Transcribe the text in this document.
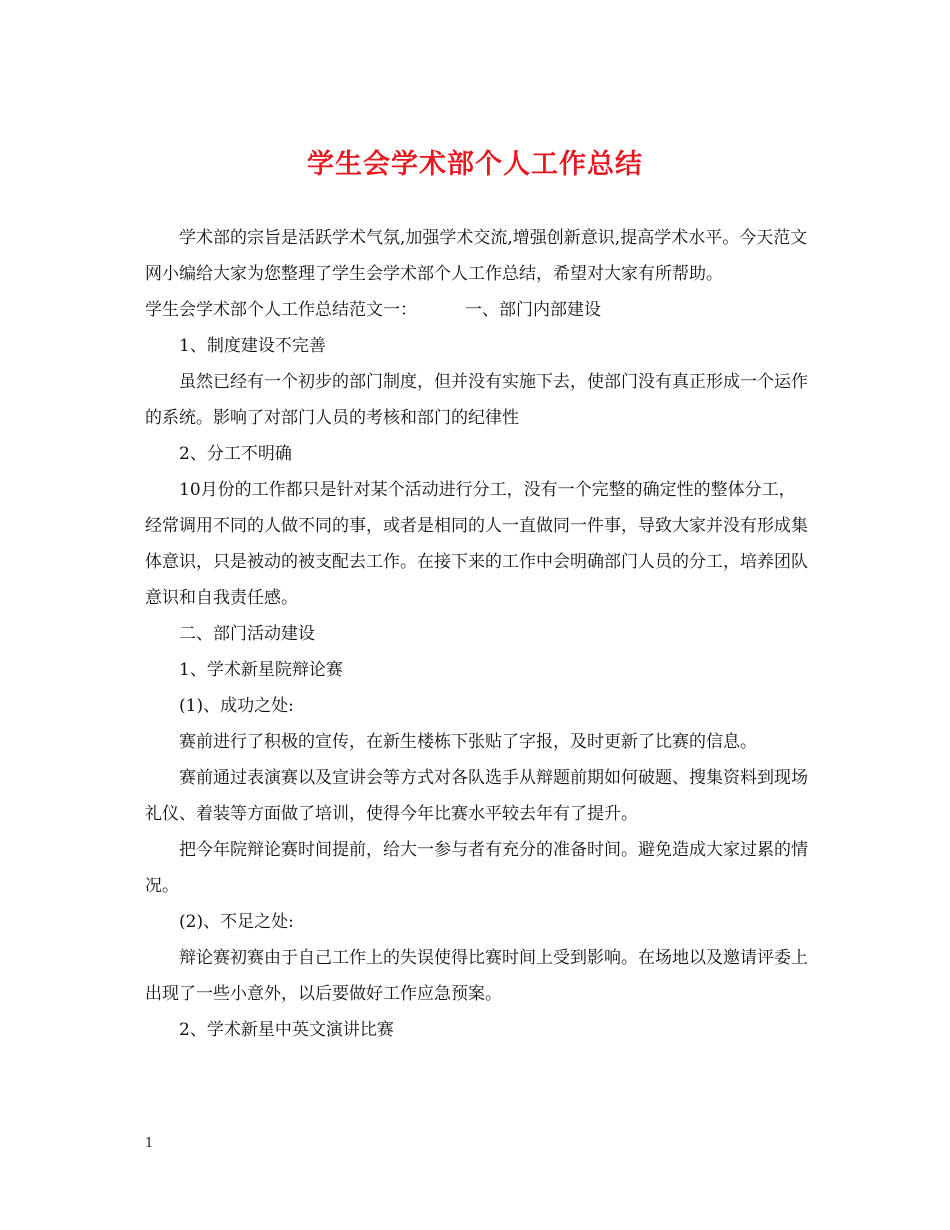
学生会学术部个人工作总结

学术部的宗旨是活跃学术气氛,加强学术交流,增强创新意识,提高学术水平。今天范文网小编给大家为您整理了学生会学术部个人工作总结，希望对大家有所帮助。

学生会学术部个人工作总结范文一：	一、部门内部建设

1、制度建设不完善

虽然已经有一个初步的部门制度，但并没有实施下去，使部门没有真正形成一个运作的系统。影响了对部门人员的考核和部门的纪律性

2、分工不明确

10月份的工作都只是针对某个活动进行分工，没有一个完整的确定性的整体分工，经常调用不同的人做不同的事，或者是相同的人一直做同一件事，导致大家并没有形成集体意识，只是被动的被支配去工作。在接下来的工作中会明确部门人员的分工，培养团队意识和自我责任感。

二、部门活动建设

1、学术新星院辩论赛

(1)、成功之处:

赛前进行了积极的宣传，在新生楼栋下张贴了字报，及时更新了比赛的信息。

赛前通过表演赛以及宣讲会等方式对各队选手从辩题前期如何破题、搜集资料到现场礼仪、着装等方面做了培训，使得今年比赛水平较去年有了提升。

把今年院辩论赛时间提前，给大一参与者有充分的准备时间。避免造成大家过累的情况。

(2)、不足之处:

辩论赛初赛由于自己工作上的失误使得比赛时间上受到影响。在场地以及邀请评委上出现了一些小意外，以后要做好工作应急预案。

2、学术新星中英文演讲比赛

1
